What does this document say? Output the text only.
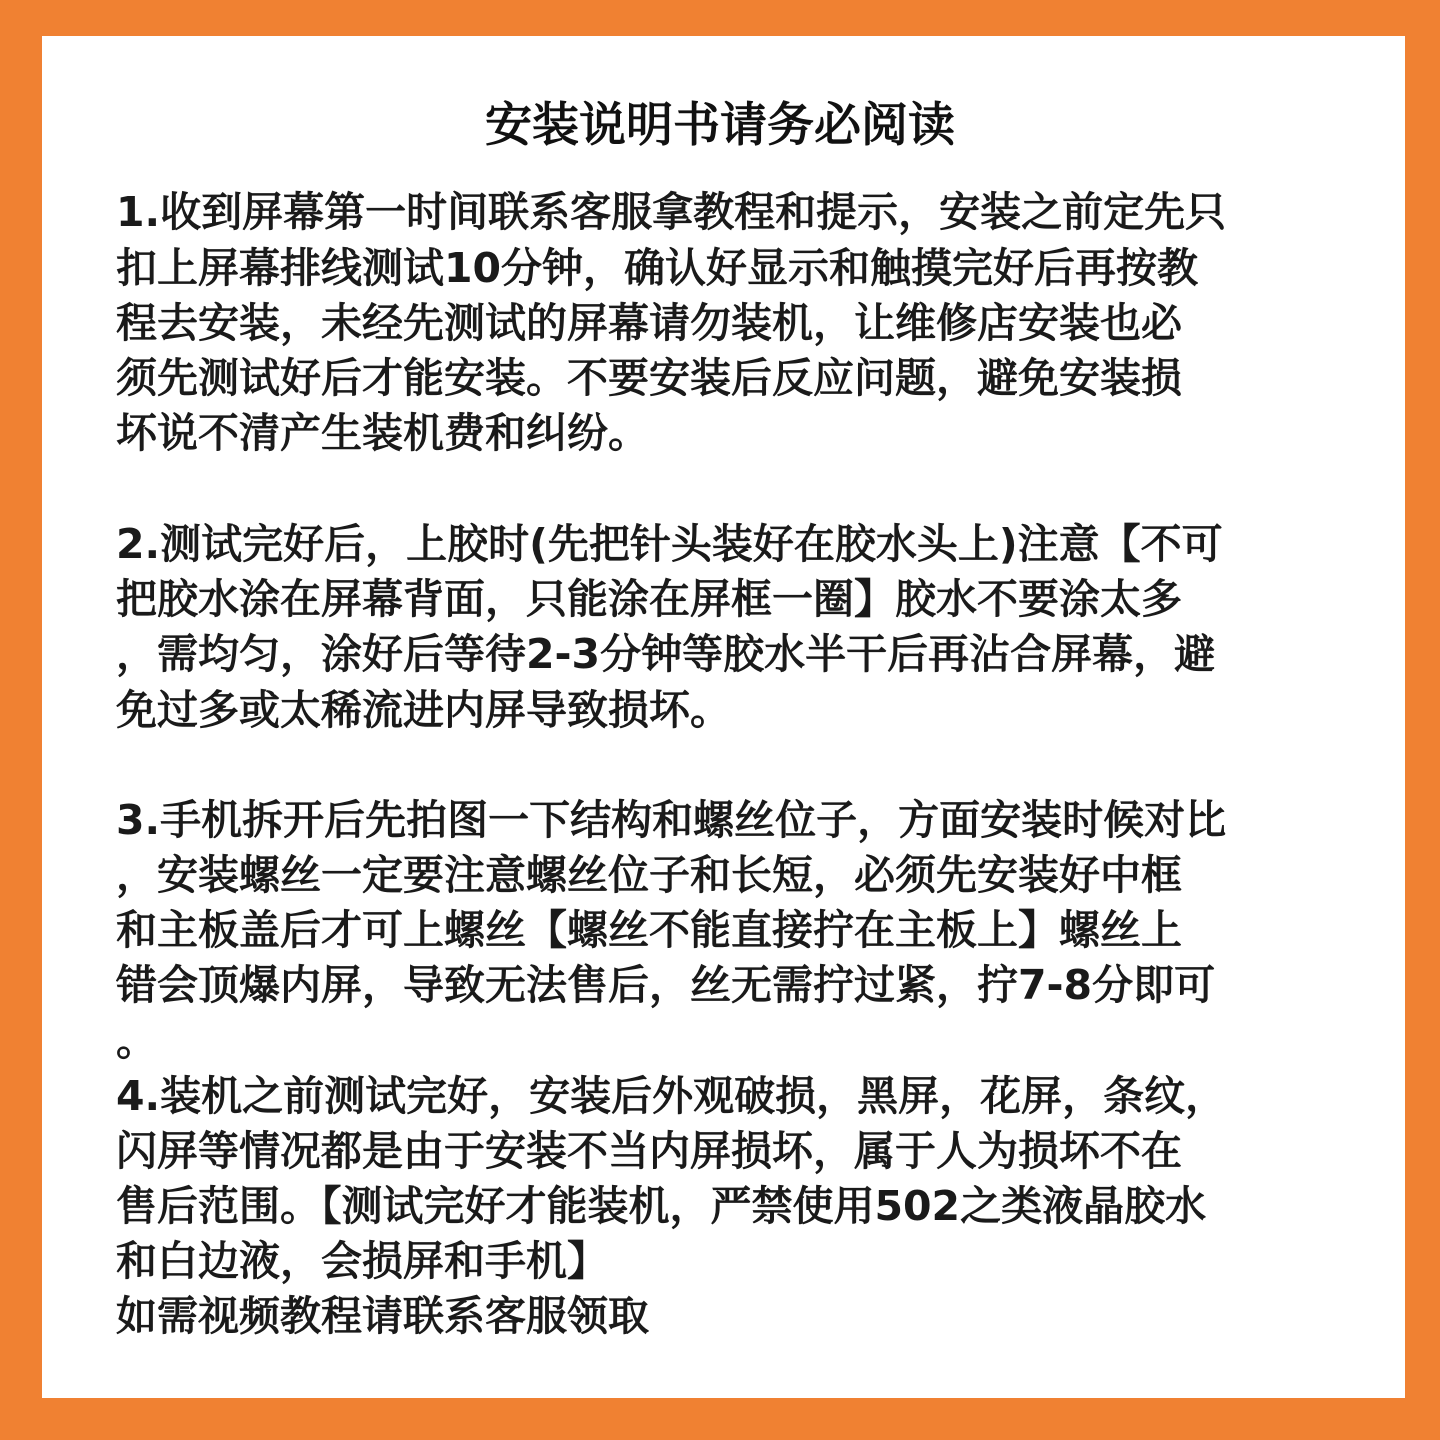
安装说明书请务必阅读
1.收到屏幕第一时间联系客服拿教程和提示，安装之前定先只
扣上屏幕排线测试10分钟，确认好显示和触摸完好后再按教
程去安装，未经先测试的屏幕请勿装机，让维修店安装也必
须先测试好后才能安装。不要安装后反应问题，避免安装损
坏说不清产生装机费和纠纷。
2.测试完好后，上胶时(先把针头装好在胶水头上)注意【不可
把胶水涂在屏幕背面，只能涂在屏框一圈】胶水不要涂太多
，需均匀，涂好后等待2-3分钟等胶水半干后再沾合屏幕，避
免过多或太稀流进内屏导致损坏。
3.手机拆开后先拍图一下结构和螺丝位子，方面安装时候对比
，安装螺丝一定要注意螺丝位子和长短，必须先安装好中框
和主板盖后才可上螺丝【螺丝不能直接拧在主板上】螺丝上
错会顶爆内屏，导致无法售后，丝无需拧过紧，拧7-8分即可
。
4.装机之前测试完好，安装后外观破损，黑屏，花屏，条纹，
闪屏等情况都是由于安装不当内屏损坏，属于人为损坏不在
售后范围。【测试完好才能装机，严禁使用502之类液晶胶水
和白边液，会损屏和手机】
如需视频教程请联系客服领取
